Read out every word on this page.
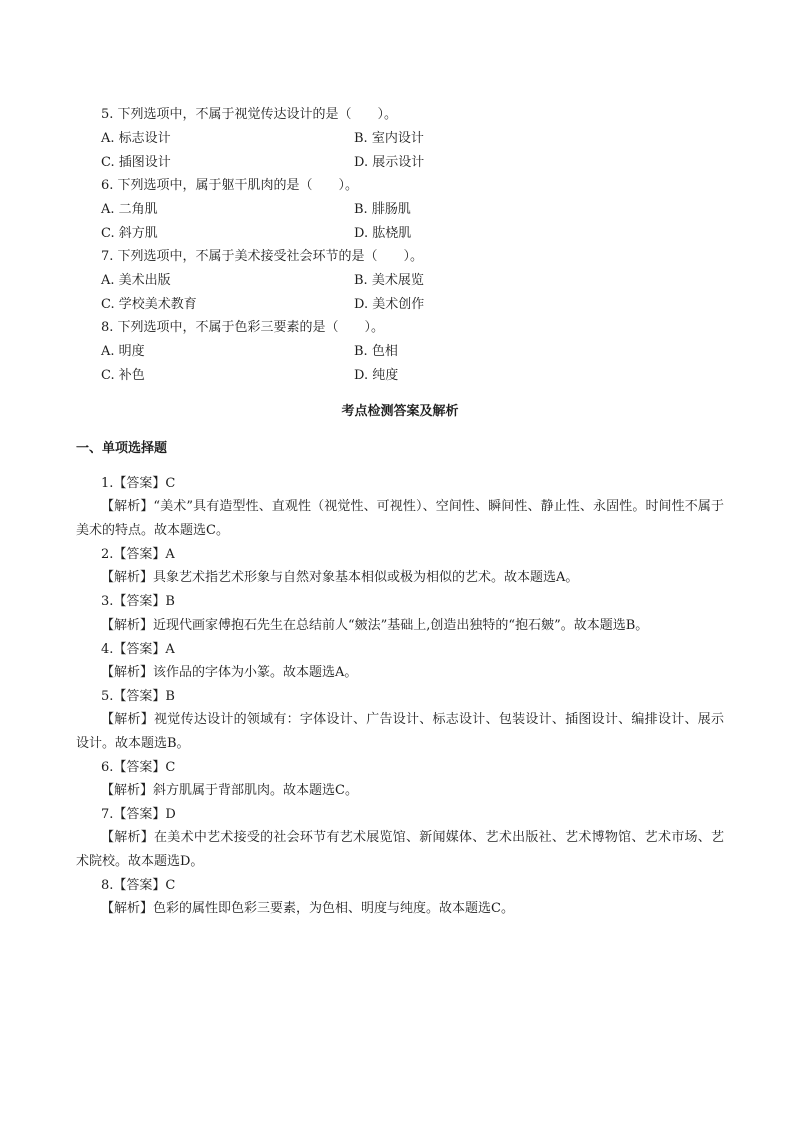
5. 下列选项中，不属于视觉传达设计的是（　　）。
A. 标志设计	B. 室内设计
C. 插图设计	D. 展示设计
6. 下列选项中，属于躯干肌肉的是（　　）。
A. 二角肌	B. 腓肠肌
C. 斜方肌	D. 肱桡肌
7. 下列选项中，不属于美术接受社会环节的是（　　）。
A. 美术出版	B. 美术展览
C. 学校美术教育	D. 美术创作
8. 下列选项中，不属于色彩三要素的是（　　）。
A. 明度	B. 色相
C. 补色	D. 纯度
考点检测答案及解析
一、单项选择题
1.【答案】C
【解析】“美术”具有造型性、直观性（视觉性、可视性）、空间性、瞬间性、静止性、永固性。时间性不属于美术的特点。故本题选C。
2.【答案】A
【解析】具象艺术指艺术形象与自然对象基本相似或极为相似的艺术。故本题选A。
3.【答案】B
【解析】近现代画家傅抱石先生在总结前人“皴法”基础上,创造出独特的“抱石皴”。故本题选B。
4.【答案】A
【解析】该作品的字体为小篆。故本题选A。
5.【答案】B
【解析】视觉传达设计的领域有：字体设计、广告设计、标志设计、包装设计、插图设计、编排设计、展示设计。故本题选B。
6.【答案】C
【解析】斜方肌属于背部肌肉。故本题选C。
7.【答案】D
【解析】在美术中艺术接受的社会环节有艺术展览馆、新闻媒体、艺术出版社、艺术博物馆、艺术市场、艺术院校。故本题选D。
8.【答案】C
【解析】色彩的属性即色彩三要素，为色相、明度与纯度。故本题选C。
